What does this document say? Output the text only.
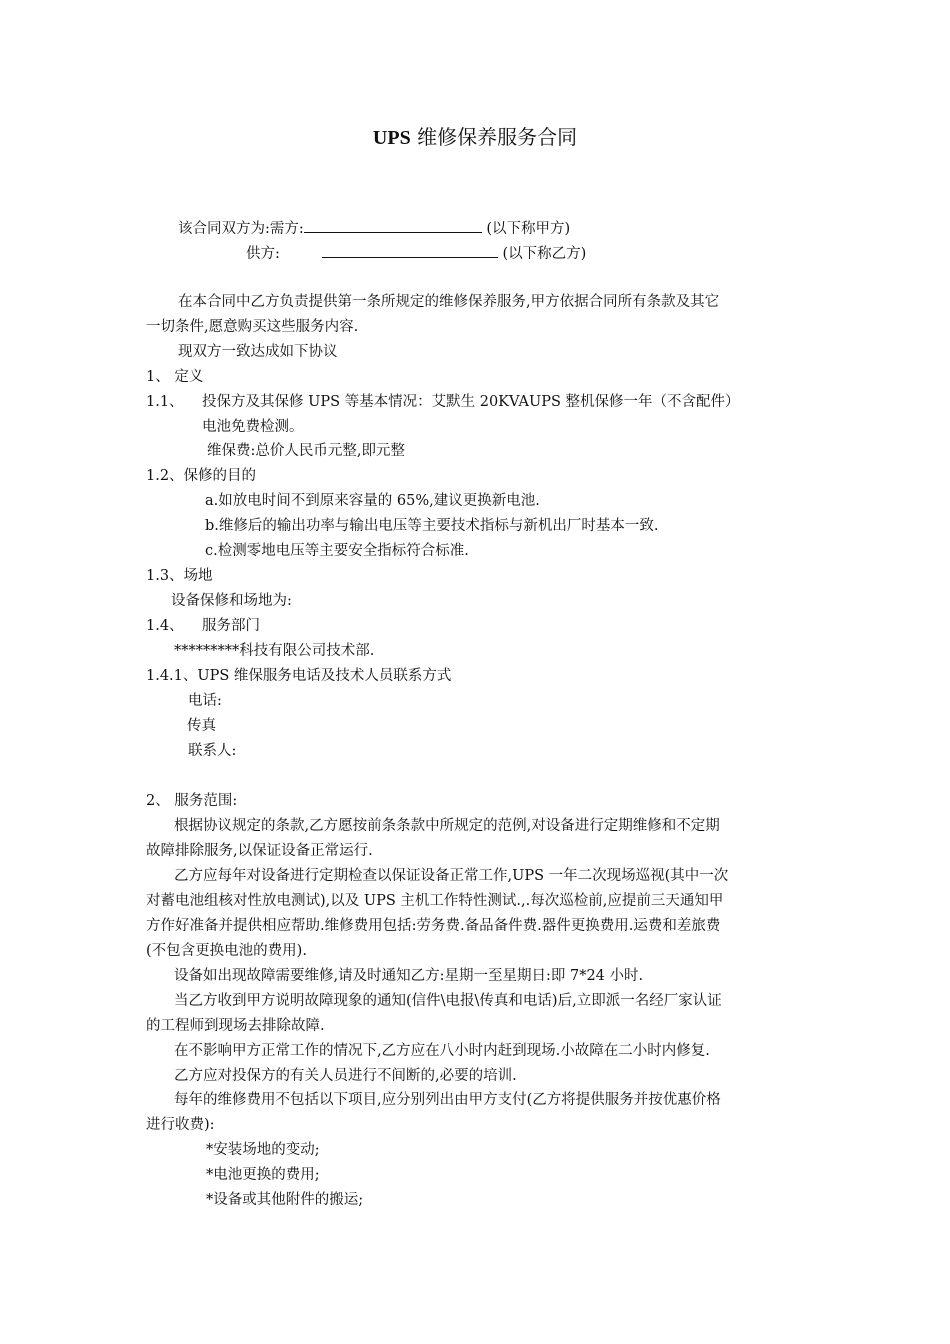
UPS 维修保养服务合同
该合同双方为:需方:	(以下称甲方)
供方:	(以下称乙方)
在本合同中乙方负责提供第一条所规定的维修保养服务,甲方依据合同所有条款及其它
一切条件,愿意购买这些服务内容.
现双方一致达成如下协议
1、 定义
1.1、 投保方及其保修 UPS 等基本情况：艾默生 20KVAUPS 整机保修一年（不含配件）
电池免费检测。
维保费:总价人民币元整,即元整
1.2、保修的目的
a.如放电时间不到原来容量的 65%,建议更换新电池.
b.维修后的输出功率与输出电压等主要技术指标与新机出厂时基本一致.
c.检测零地电压等主要安全指标符合标准.
1.3、场地
设备保修和场地为:
1.4、 服务部门
*********科技有限公司技术部.
1.4.1、UPS 维保服务电话及技术人员联系方式
电话:
传真
联系人:
2、 服务范围:
根据协议规定的条款,乙方愿按前条条款中所规定的范例,对设备进行定期维修和不定期
故障排除服务,以保证设备正常运行.
乙方应每年对设备进行定期检查以保证设备正常工作,UPS 一年二次现场巡视(其中一次
对蓄电池组核对性放电测试),以及 UPS 主机工作特性测试.,.每次巡检前,应提前三天通知甲
方作好准备并提供相应帮助.维修费用包括:劳务费.备品备件费.器件更换费用.运费和差旅费
(不包含更换电池的费用).
设备如出现故障需要维修,请及时通知乙方:星期一至星期日:即 7*24 小时.
当乙方收到甲方说明故障现象的通知(信件\电报\传真和电话)后,立即派一名经厂家认证
的工程师到现场去排除故障.
在不影响甲方正常工作的情况下,乙方应在八小时内赶到现场.小故障在二小时内修复.
乙方应对投保方的有关人员进行不间断的,必要的培训.
每年的维修费用不包括以下项目,应分别列出由甲方支付(乙方将提供服务并按优惠价格
进行收费):
*安装场地的变动;
*电池更换的费用;
*设备或其他附件的搬运;
